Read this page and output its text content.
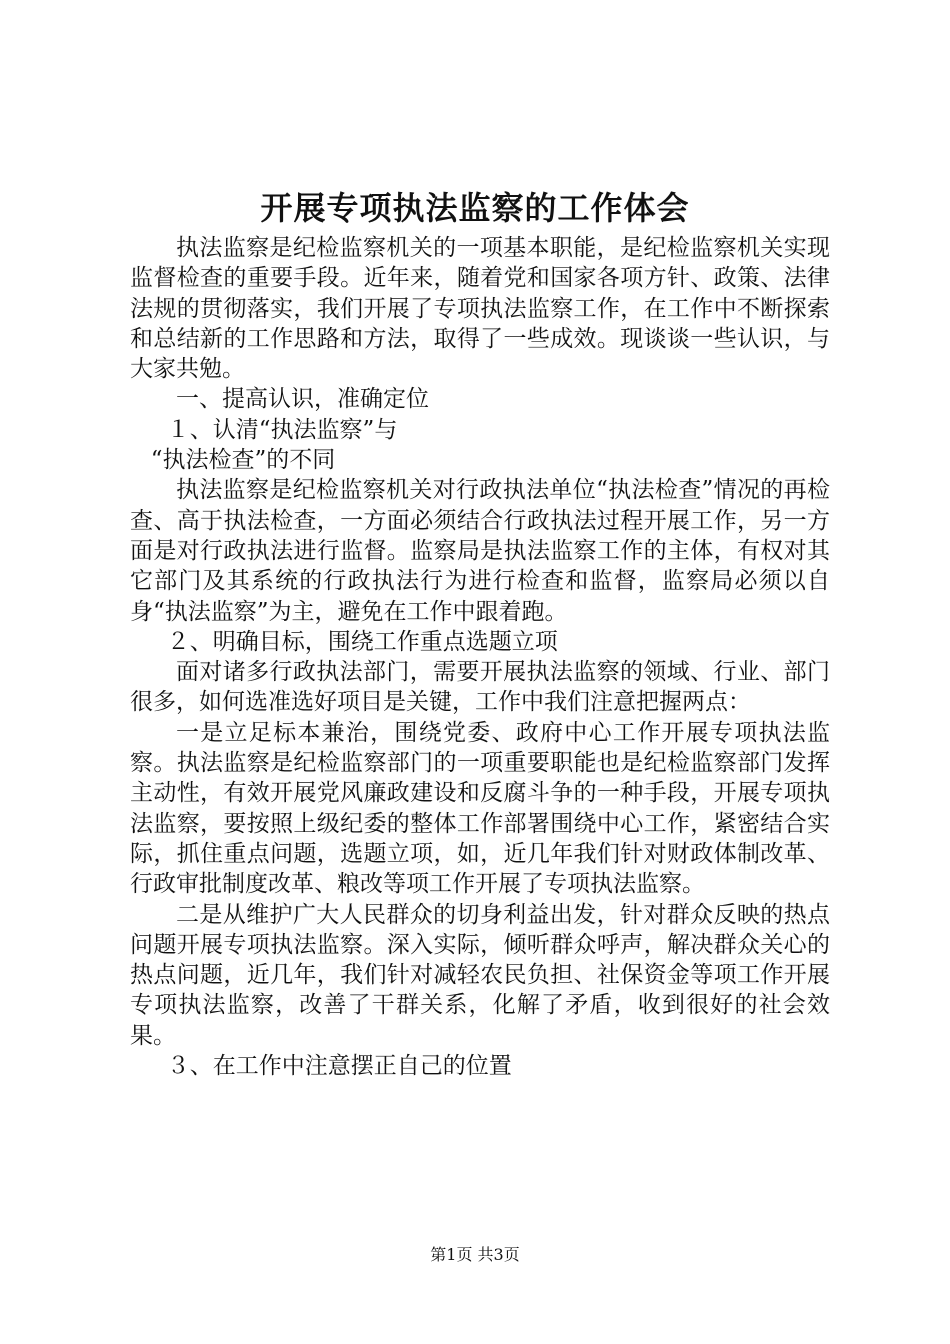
开展专项执法监察的工作体会

执法监察是纪检监察机关的一项基本职能，是纪检监察机关实现监督检查的重要手段。近年来，随着党和国家各项方针、政策、法律法规的贯彻落实，我们开展了专项执法监察工作，在工作中不断探索和总结新的工作思路和方法，取得了一些成效。现谈谈一些认识，与大家共勉。

一、提高认识，准确定位

１、认清“执法监察”与

“执法检查”的不同

执法监察是纪检监察机关对行政执法单位“执法检查”情况的再检查、高于执法检查，一方面必须结合行政执法过程开展工作，另一方面是对行政执法进行监督。监察局是执法监察工作的主体，有权对其它部门及其系统的行政执法行为进行检查和监督，监察局必须以自身“执法监察”为主，避免在工作中跟着跑。

２、明确目标，围绕工作重点选题立项

面对诸多行政执法部门，需要开展执法监察的领域、行业、部门很多，如何选准选好项目是关键，工作中我们注意把握两点：

一是立足标本兼治，围绕党委、政府中心工作开展专项执法监察。执法监察是纪检监察部门的一项重要职能也是纪检监察部门发挥主动性，有效开展党风廉政建设和反腐斗争的一种手段，开展专项执法监察，要按照上级纪委的整体工作部署围绕中心工作，紧密结合实际，抓住重点问题，选题立项，如，近几年我们针对财政体制改革、行政审批制度改革、粮改等项工作开展了专项执法监察。

二是从维护广大人民群众的切身利益出发，针对群众反映的热点问题开展专项执法监察。深入实际，倾听群众呼声，解决群众关心的热点问题，近几年，我们针对减轻农民负担、社保资金等项工作开展专项执法监察，改善了干群关系，化解了矛盾，收到很好的社会效果。

３、在工作中注意摆正自己的位置

第1页 共3页
